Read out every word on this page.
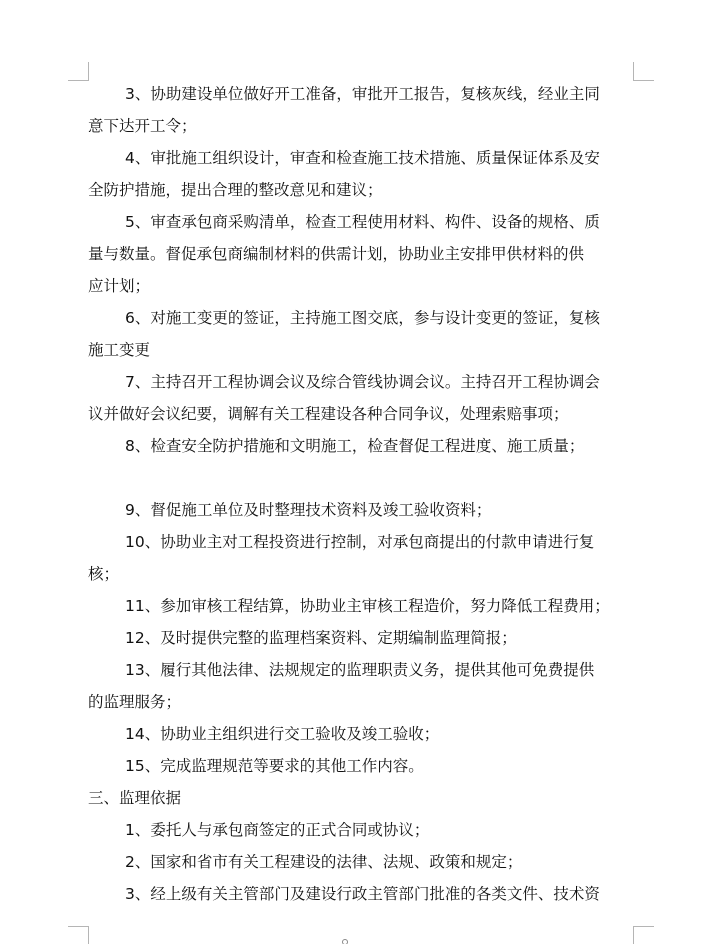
3、协助建设单位做好开工准备，审批开工报告，复核灰线，经业主同
意下达开工令；
4、审批施工组织设计，审查和检查施工技术措施、质量保证体系及安
全防护措施，提出合理的整改意见和建议；
5、审查承包商采购清单，检查工程使用材料、构件、设备的规格、质
量与数量。督促承包商编制材料的供需计划，协助业主安排甲供材料的供
应计划；
6、对施工变更的签证，主持施工图交底，参与设计变更的签证，复核
施工变更
7、主持召开工程协调会议及综合管线协调会议。主持召开工程协调会
议并做好会议纪要，调解有关工程建设各种合同争议，处理索赔事项；
8、检查安全防护措施和文明施工，检查督促工程进度、施工质量；
9、督促施工单位及时整理技术资料及竣工验收资料；
10、协助业主对工程投资进行控制，对承包商提出的付款申请进行复
核；
11、参加审核工程结算，协助业主审核工程造价，努力降低工程费用；
12、及时提供完整的监理档案资料、定期编制监理简报；
13、履行其他法律、法规规定的监理职责义务，提供其他可免费提供
的监理服务；
14、协助业主组织进行交工验收及竣工验收；
15、完成监理规范等要求的其他工作内容。
三、监理依据
1、委托人与承包商签定的正式合同或协议；
2、国家和省市有关工程建设的法律、法规、政策和规定；
3、经上级有关主管部门及建设行政主管部门批准的各类文件、技术资
